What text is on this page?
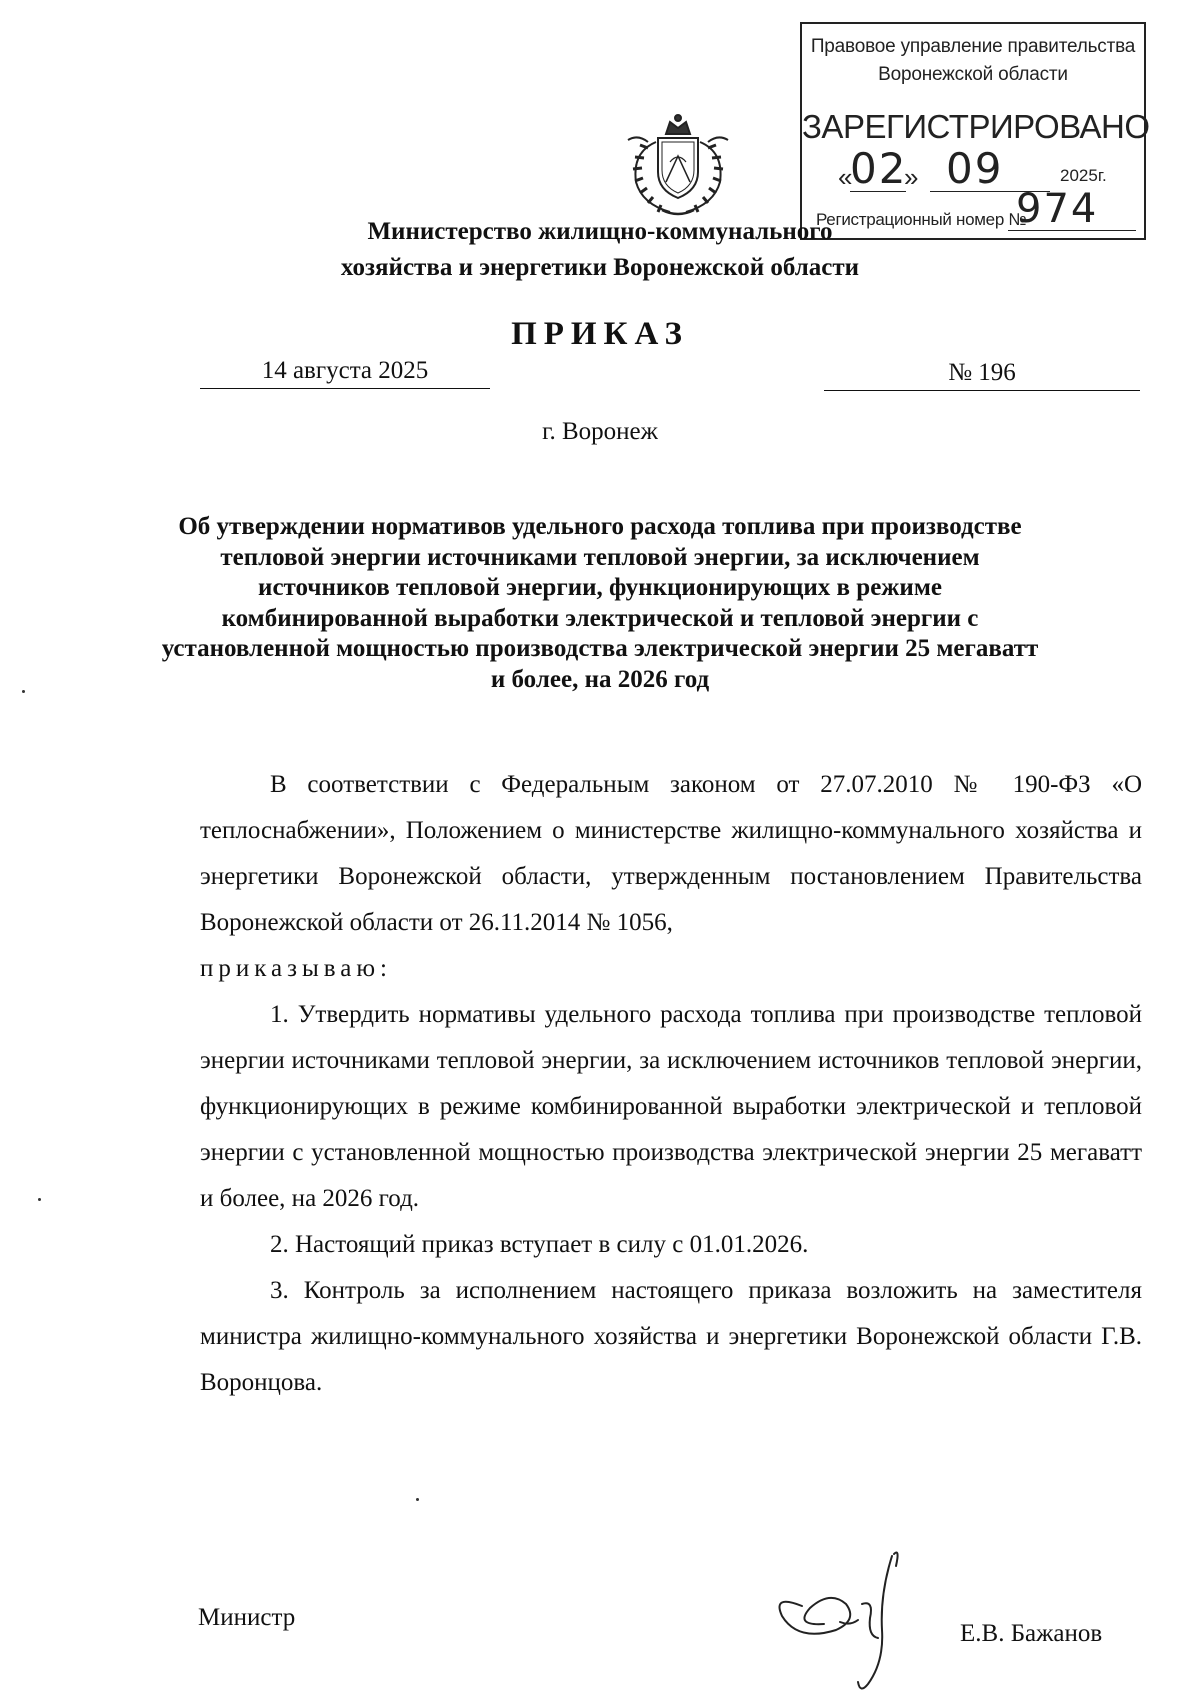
Правовое управление правительства
Воронежской области
ЗАРЕГИСТРИРОВАНО
«
02
» 09	2025г.
Регистрационный номер №
974
Министерство жилищно-коммунального
хозяйства и энергетики Воронежской области
ПРИКАЗ
14 августа 2025	№ 196
г. Воронеж
Об утверждении нормативов удельного расхода топлива при производстве тепловой энергии источниками тепловой энергии, за исключением источников тепловой энергии, функционирующих в режиме комбинированной выработки электрической и тепловой энергии с установленной мощностью производства электрической энергии 25 мегаватт и более, на 2026 год

В соответствии с Федеральным законом от 27.07.2010 № 190-ФЗ «О теплоснабжении», Положением о министерстве жилищно-коммунального хозяйства и энергетики Воронежской области, утвержденным постановлением Правительства Воронежской области от 26.11.2014 № 1056,

приказываю:

1. Утвердить нормативы удельного расхода топлива при производстве тепловой энергии источниками тепловой энергии, за исключением источников тепловой энергии, функционирующих в режиме комбинированной выработки электрической и тепловой энергии с установленной мощностью производства электрической энергии 25 мегаватт и более, на 2026 год.

2. Настоящий приказ вступает в силу с 01.01.2026.

3. Контроль за исполнением настоящего приказа возложить на заместителя министра жилищно-коммунального хозяйства и энергетики Воронежской области Г.В. Воронцова.

Министр
Е.В. Бажанов
